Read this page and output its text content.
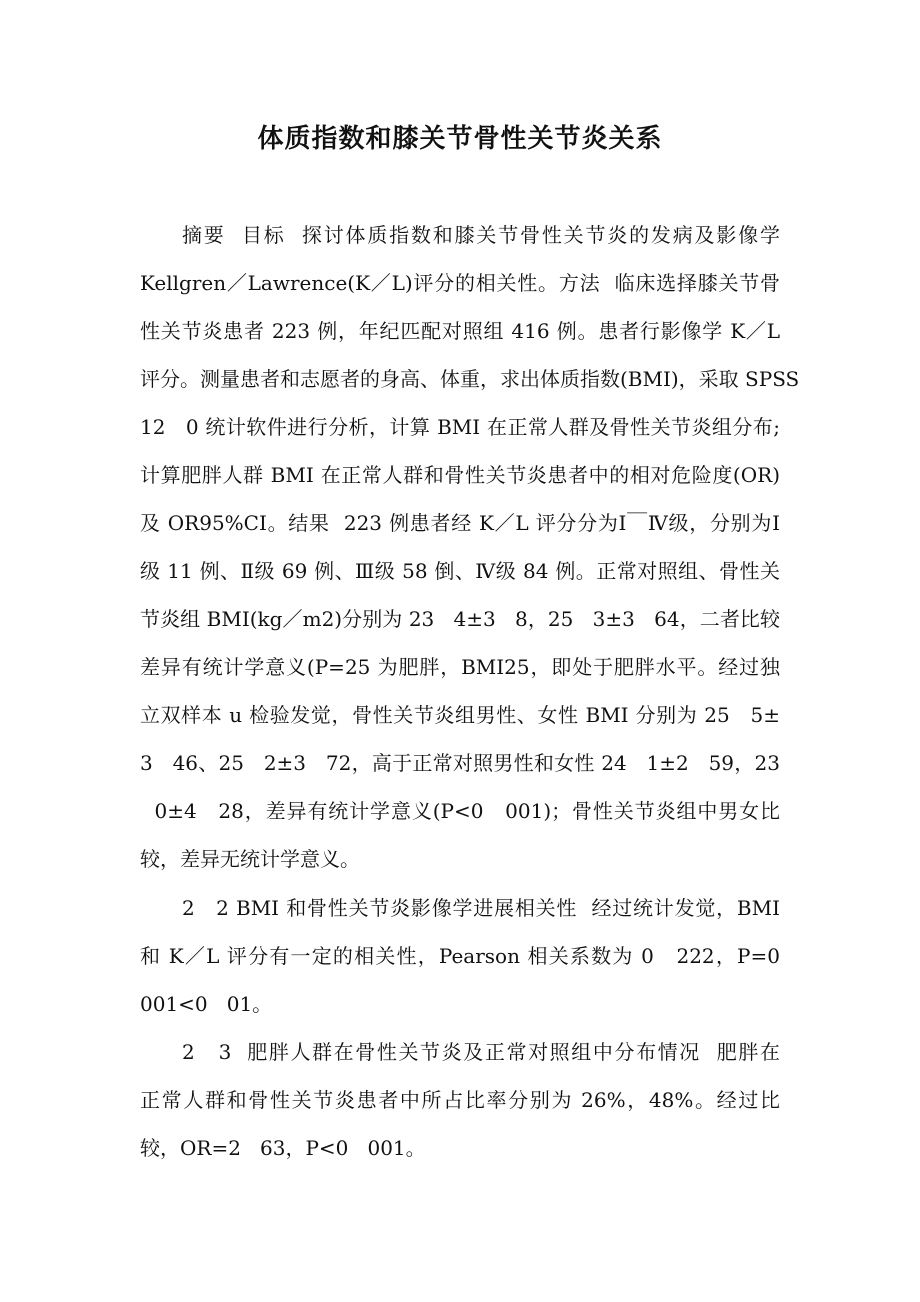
体质指数和膝关节骨性关节炎关系
摘要  目标  探讨体质指数和膝关节骨性关节炎的发病及影像学
Kellgren／Lawrence(K／L)评分的相关性。方法  临床选择膝关节骨
性关节炎患者 223 例，年纪匹配对照组 416 例。患者行影像学 K／L
评分。测量患者和志愿者的身高、体重，求出体质指数(BMI)，采取 SPSS
12   0 统计软件进行分析，计算 BMI 在正常人群及骨性关节炎组分布;
计算肥胖人群 BMI 在正常人群和骨性关节炎患者中的相对危险度(OR)
及 OR95%CI。结果  223 例患者经 K／L 评分分为Ⅰ￣Ⅳ级，分别为Ⅰ
级 11 例、Ⅱ级 69 例、Ⅲ级 58 倒、Ⅳ级 84 例。正常对照组、骨性关
节炎组 BMI(kg／m2)分别为 23   4±3   8，25   3±3   64，二者比较
差异有统计学意义(P=25 为肥胖，BMI25，即处于肥胖水平。经过独
立双样本 u 检验发觉，骨性关节炎组男性、女性 BMI 分别为 25   5±
3   46、25   2±3   72，高于正常对照男性和女性 24   1±2   59，23
0±4   28，差异有统计学意义(P<0   001)；骨性关节炎组中男女比
较，差异无统计学意义。
2   2 BMI 和骨性关节炎影像学进展相关性  经过统计发觉，BMI
和 K／L 评分有一定的相关性，Pearson 相关系数为 0   222，P=0
001<0   01。
2   3  肥胖人群在骨性关节炎及正常对照组中分布情况  肥胖在
正常人群和骨性关节炎患者中所占比率分别为 26%，48%。经过比
较，OR=2   63，P<0   001。
